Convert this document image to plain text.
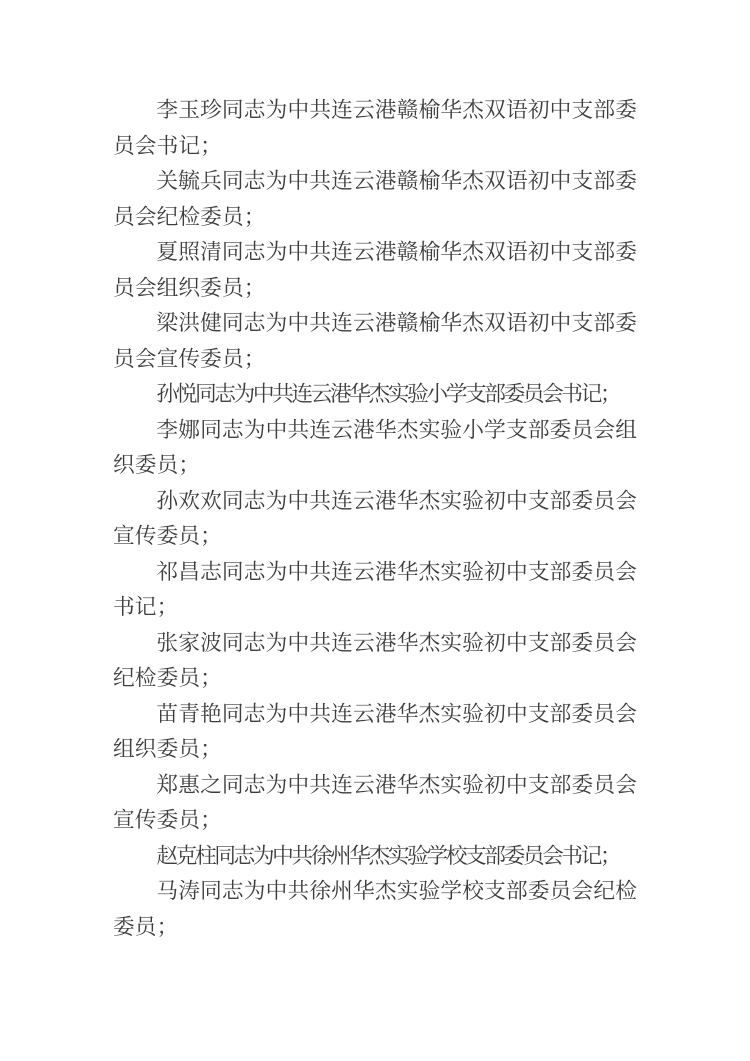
李玉珍同志为中共连云港赣榆华杰双语初中支部委员会书记；

关毓兵同志为中共连云港赣榆华杰双语初中支部委员会纪检委员；

夏照清同志为中共连云港赣榆华杰双语初中支部委员会组织委员；

梁洪健同志为中共连云港赣榆华杰双语初中支部委员会宣传委员；

孙悦同志为中共连云港华杰实验小学支部委员会书记；

李娜同志为中共连云港华杰实验小学支部委员会组织委员；

孙欢欢同志为中共连云港华杰实验初中支部委员会宣传委员；

祁昌志同志为中共连云港华杰实验初中支部委员会书记；

张家波同志为中共连云港华杰实验初中支部委员会纪检委员；

苗青艳同志为中共连云港华杰实验初中支部委员会组织委员；

郑惠之同志为中共连云港华杰实验初中支部委员会宣传委员；

赵克柱同志为中共徐州华杰实验学校支部委员会书记；

马涛同志为中共徐州华杰实验学校支部委员会纪检委员；
